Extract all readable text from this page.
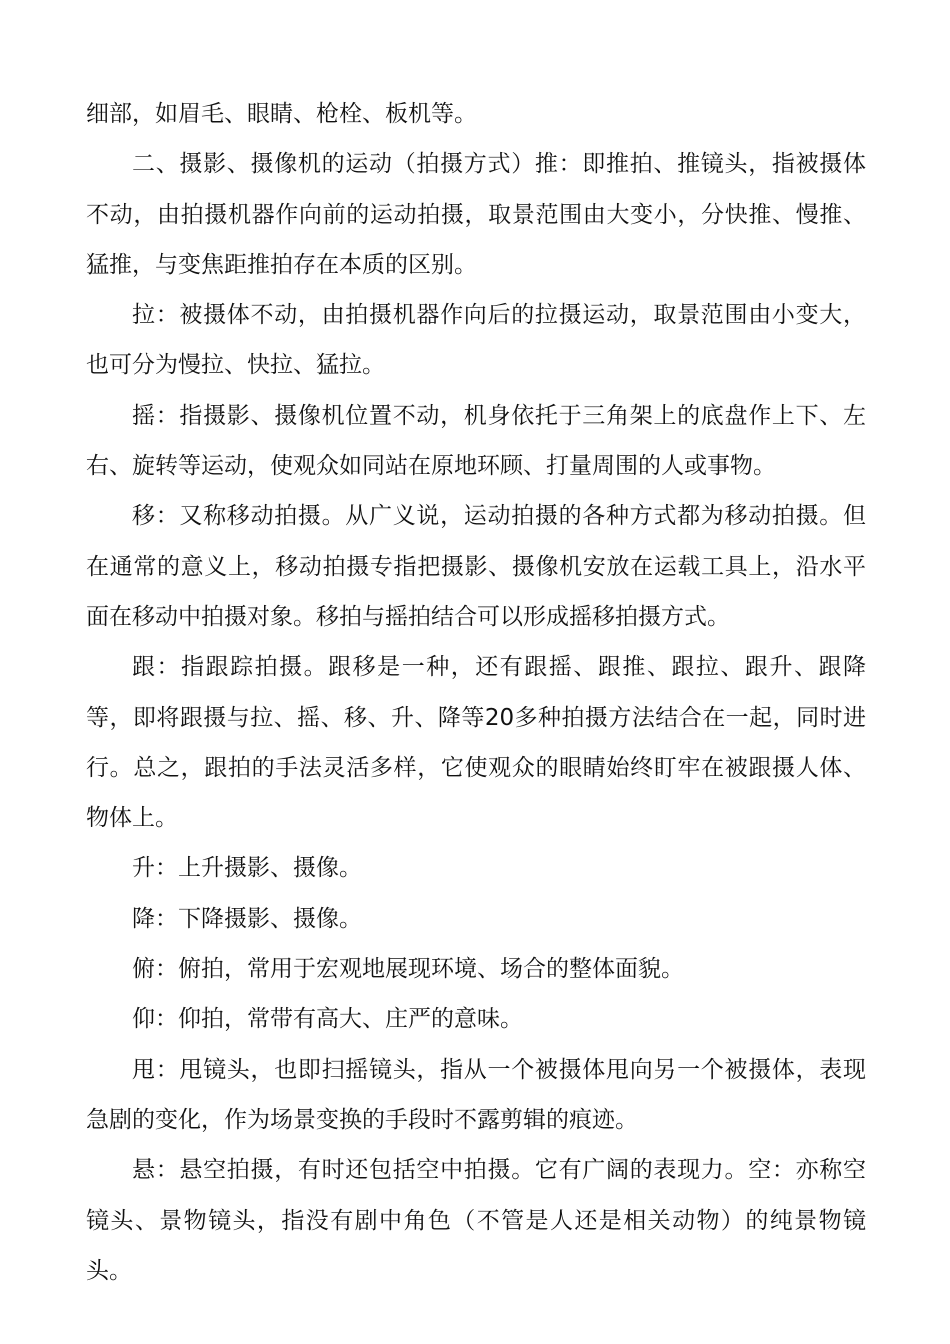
细部，如眉毛、眼睛、枪栓、板机等。

二、摄影、摄像机的运动（拍摄方式）推：即推拍、推镜头，指被摄体不动，由拍摄机器作向前的运动拍摄，取景范围由大变小，分快推、慢推、猛推，与变焦距推拍存在本质的区别。

拉：被摄体不动，由拍摄机器作向后的拉摄运动，取景范围由小变大，也可分为慢拉、快拉、猛拉。

摇：指摄影、摄像机位置不动，机身依托于三角架上的底盘作上下、左右、旋转等运动，使观众如同站在原地环顾、打量周围的人或事物。

移：又称移动拍摄。从广义说，运动拍摄的各种方式都为移动拍摄。但在通常的意义上，移动拍摄专指把摄影、摄像机安放在运载工具上，沿水平面在移动中拍摄对象。移拍与摇拍结合可以形成摇移拍摄方式。

跟：指跟踪拍摄。跟移是一种，还有跟摇、跟推、跟拉、跟升、跟降等，即将跟摄与拉、摇、移、升、降等20多种拍摄方法结合在一起，同时进行。总之，跟拍的手法灵活多样，它使观众的眼睛始终盯牢在被跟摄人体、物体上。

升：上升摄影、摄像。

降：下降摄影、摄像。

俯：俯拍，常用于宏观地展现环境、场合的整体面貌。

仰：仰拍，常带有高大、庄严的意味。

甩：甩镜头，也即扫摇镜头，指从一个被摄体甩向另一个被摄体，表现急剧的变化，作为场景变换的手段时不露剪辑的痕迹。

悬：悬空拍摄，有时还包括空中拍摄。它有广阔的表现力。空：亦称空镜头、景物镜头，指没有剧中角色（不管是人还是相关动物）的纯景物镜头。
